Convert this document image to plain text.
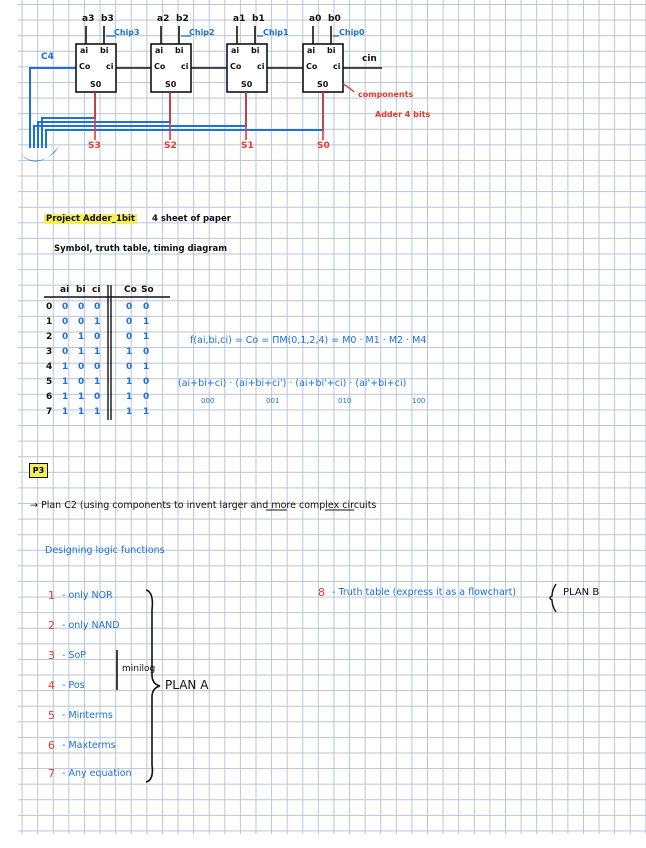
a3 b3
Chip3
ai bi
Co ci
S0
S3
a2 b2
Chip2
ai bi
Co ci
S0
S2
a1 b1
Chip1
ai bi
Co ci
S0
S1
a0 b0
Chip0
ai bi
Co ci
S0
S0
C4	cin
components
Adder 4 bits
Project Adder_1bit 4 sheet of paper
Symbol, truth table, timing diagram
ai bi ci	Co So
0 0 0 0	0 0
1 0 0 1	0 1
2 0 1 0	0 1
3 0 1 1	1 0
4 1 0 0	0 1
5 1 0 1	1 0
6 1 1 0	1 0
7 1 1 1	1 1
f(ai,bi,ci) = Co = ΠM(0,1,2,4) = M0 · M1 · M2 · M4
(ai+bi+ci) · (ai+bi+ci') · (ai+bi'+ci) · (ai'+bi+ci)
000	001	010	100
P3
→ Plan C2 (using components to invent larger and more complex circuits
Designing logic functions
1 - only NOR
2 - only NAND
3 - SoP
4 - Pos
5 - Minterms
6 - Maxterms
7 - Any equation
minilog
PLAN A
8 - Truth table (express it as a flowchart)	PLAN B
